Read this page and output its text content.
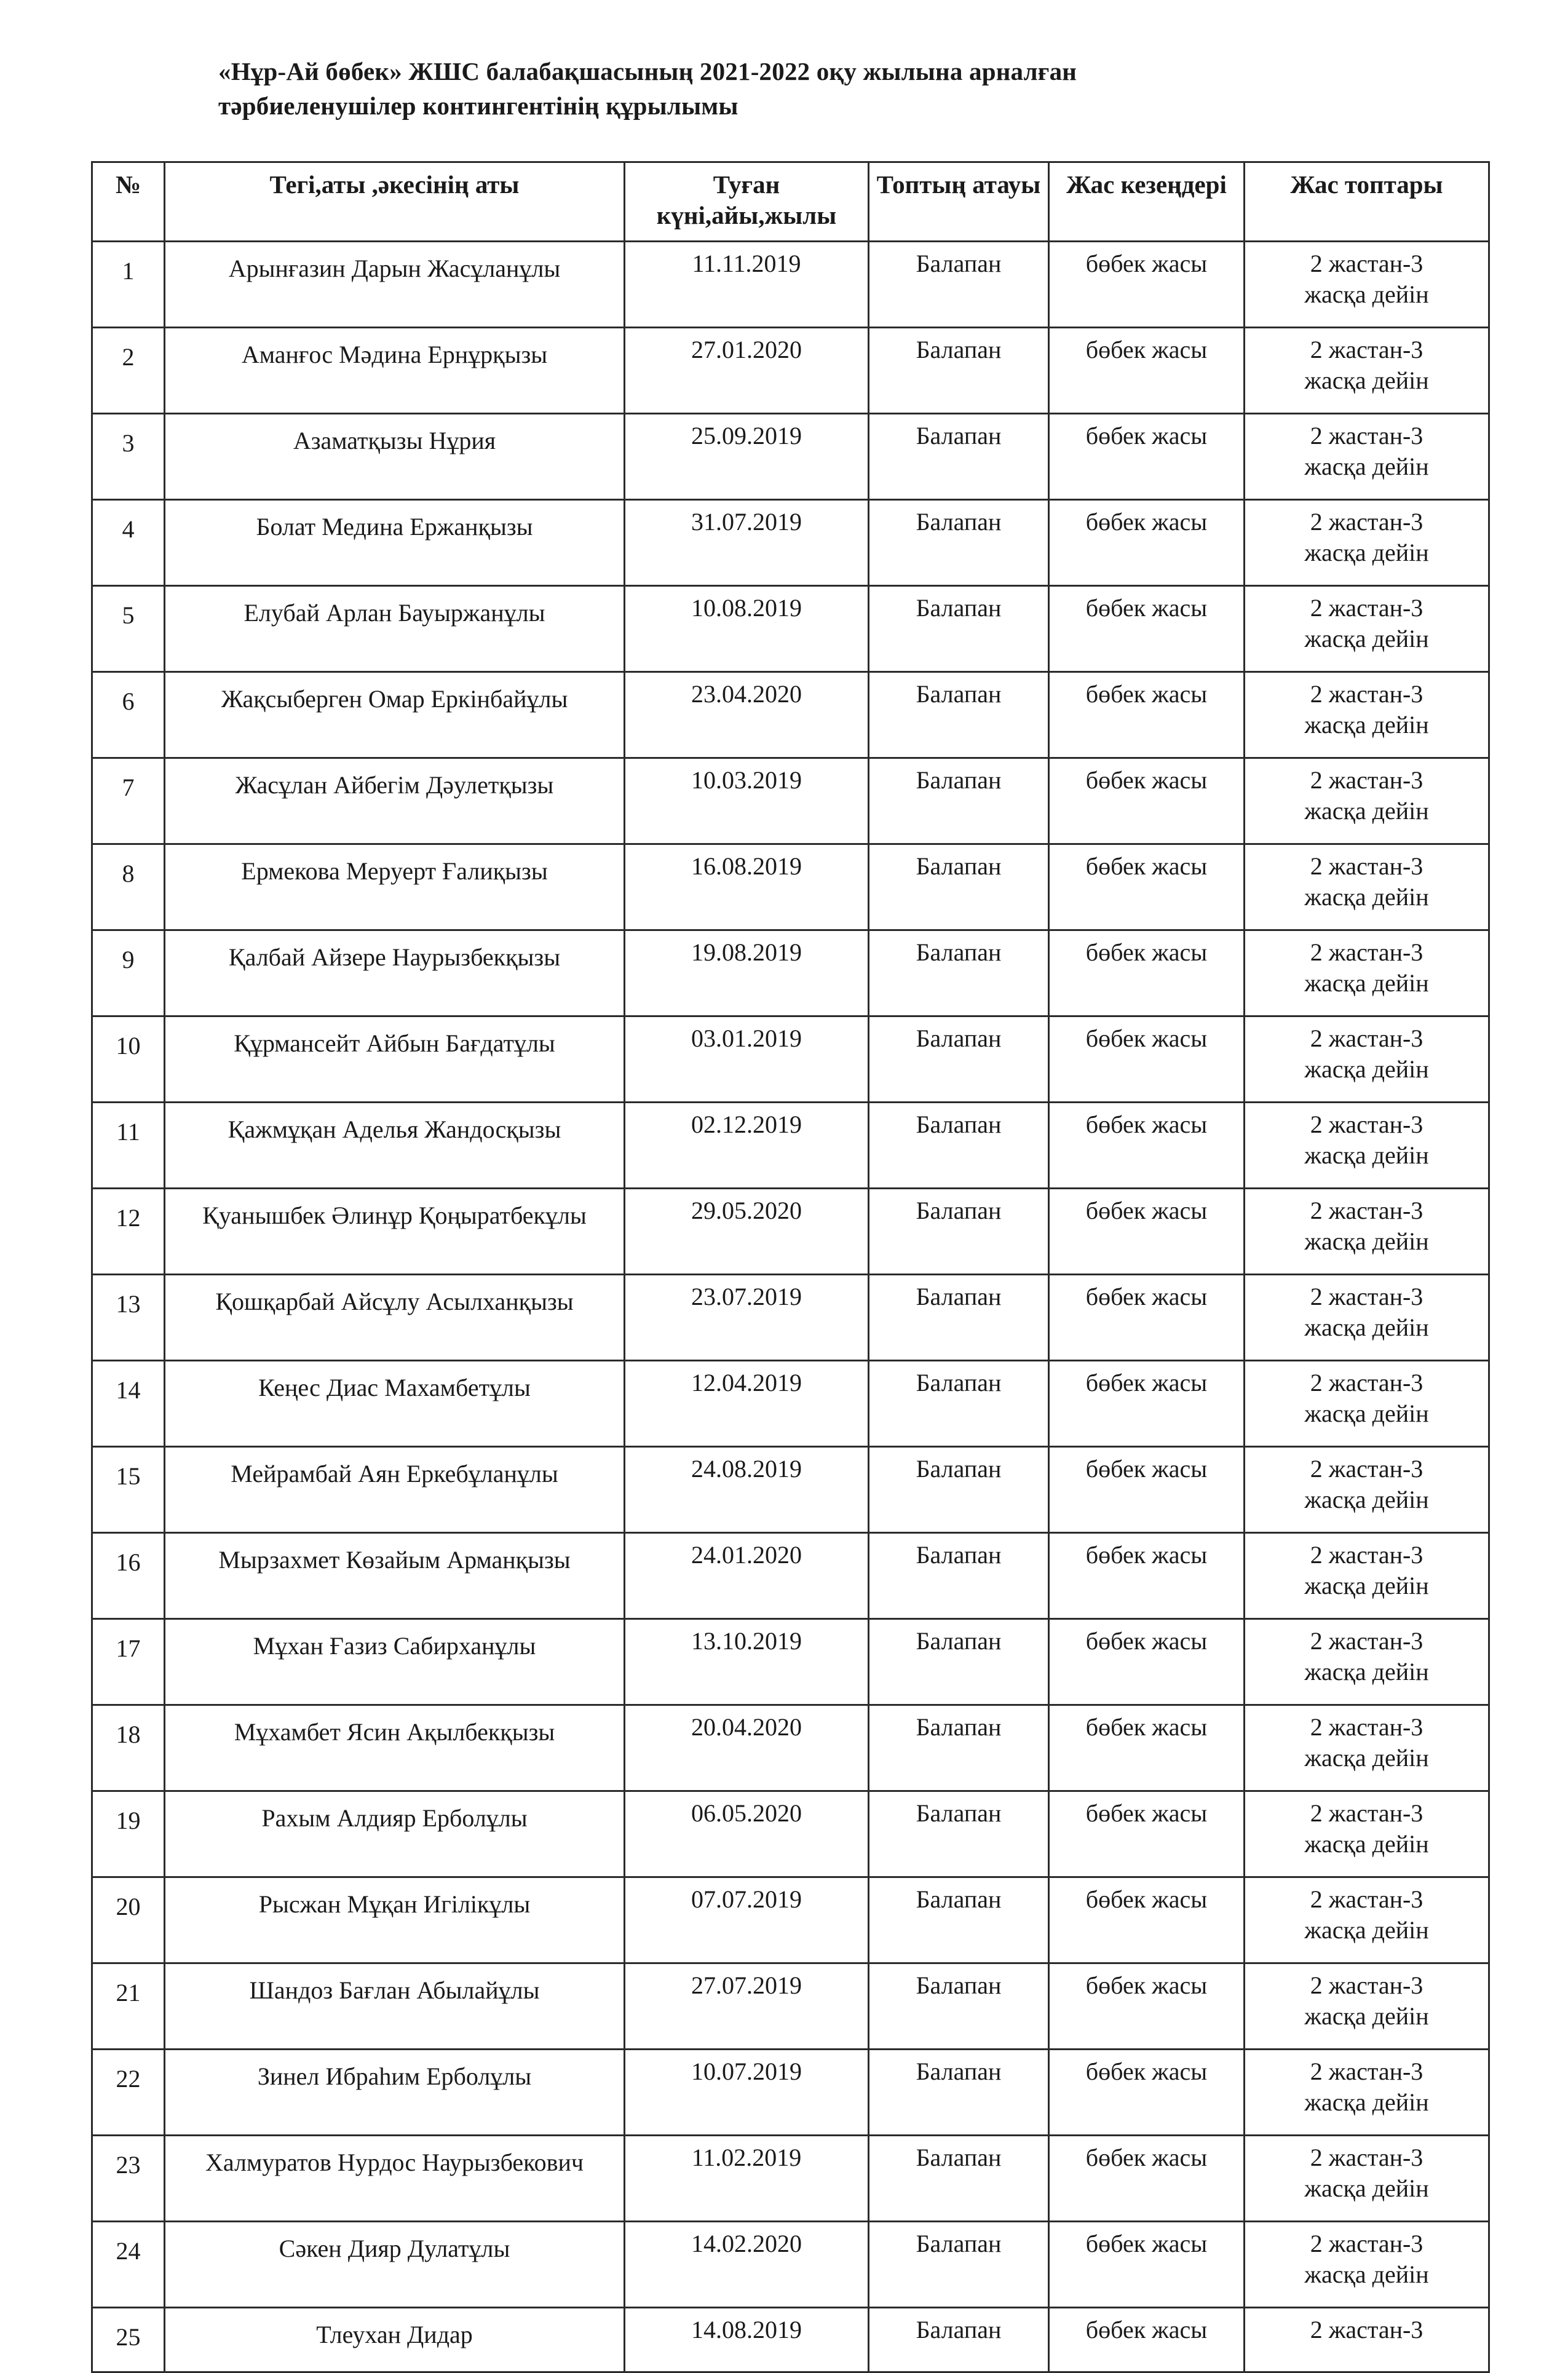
«Нұр-Ай бөбек» ЖШС балабақшасының 2021-2022 оқу жылына арналған
тәрбиеленушілер контингентінің құрылымы
№	Тегі,аты ,әкесінің аты	Туған күні,айы,жылы	Топтың атауы	Жас кезеңдері	Жас топтары
1	Арынғазин Дарын Жасұланұлы	11.11.2019	Балапан	бөбек жасы	2 жастан-3
жасқа дейін

2	Аманғос Мәдина Ернұрқызы	27.01.2020	Балапан	бөбек жасы	2 жастан-3
жасқа дейін

3	Азаматқызы Нұрия	25.09.2019	Балапан	бөбек жасы	2 жастан-3
жасқа дейін

4	Болат Медина Ержанқызы	31.07.2019	Балапан	бөбек жасы	2 жастан-3
жасқа дейін

5	Елубай Арлан Бауыржанұлы	10.08.2019	Балапан	бөбек жасы	2 жастан-3
жасқа дейін

6	Жақсыберген Омар Еркінбайұлы	23.04.2020	Балапан	бөбек жасы	2 жастан-3
жасқа дейін

7	Жасұлан Айбегім Дәулетқызы	10.03.2019	Балапан	бөбек жасы	2 жастан-3
жасқа дейін

8	Ермекова Меруерт Ғалиқызы	16.08.2019	Балапан	бөбек жасы	2 жастан-3
жасқа дейін

9	Қалбай Айзере Наурызбекқызы	19.08.2019	Балапан	бөбек жасы	2 жастан-3
жасқа дейін

10	Құрмансейт Айбын Бағдатұлы	03.01.2019	Балапан	бөбек жасы	2 жастан-3
жасқа дейін

11	Қажмұқан Аделья Жандосқызы	02.12.2019	Балапан	бөбек жасы	2 жастан-3
жасқа дейін

12	Қуанышбек Әлинұр Қоңыратбекұлы	29.05.2020	Балапан	бөбек жасы	2 жастан-3
жасқа дейін

13	Қошқарбай Айсұлу Асылханқызы	23.07.2019	Балапан	бөбек жасы	2 жастан-3
жасқа дейін

14	Кеңес Диас Махамбетұлы	12.04.2019	Балапан	бөбек жасы	2 жастан-3
жасқа дейін

15	Мейрамбай Аян Еркебұланұлы	24.08.2019	Балапан	бөбек жасы	2 жастан-3
жасқа дейін

16	Мырзахмет Көзайым Арманқызы	24.01.2020	Балапан	бөбек жасы	2 жастан-3
жасқа дейін

17	Мұхан Ғазиз Сабирханұлы	13.10.2019	Балапан	бөбек жасы	2 жастан-3
жасқа дейін

18	Мұхамбет Ясин Ақылбекқызы	20.04.2020	Балапан	бөбек жасы	2 жастан-3
жасқа дейін

19	Рахым Алдияр Ерболұлы	06.05.2020	Балапан	бөбек жасы	2 жастан-3
жасқа дейін

20	Рысжан Мұқан Игілікұлы	07.07.2019	Балапан	бөбек жасы	2 жастан-3
жасқа дейін

21	Шандоз Бағлан Абылайұлы	27.07.2019	Балапан	бөбек жасы	2 жастан-3
жасқа дейін

22	Зинел Ибраһим Ерболұлы	10.07.2019	Балапан	бөбек жасы	2 жастан-3
жасқа дейін

23	Халмуратов Нурдос Наурызбекович	11.02.2019	Балапан	бөбек жасы	2 жастан-3
жасқа дейін

24	Сәкен Дияр Дулатұлы	14.02.2020	Балапан	бөбек жасы	2 жастан-3
жасқа дейін

25	Тлеухан Дидар	14.08.2019	Балапан	бөбек жасы	2 жастан-3
